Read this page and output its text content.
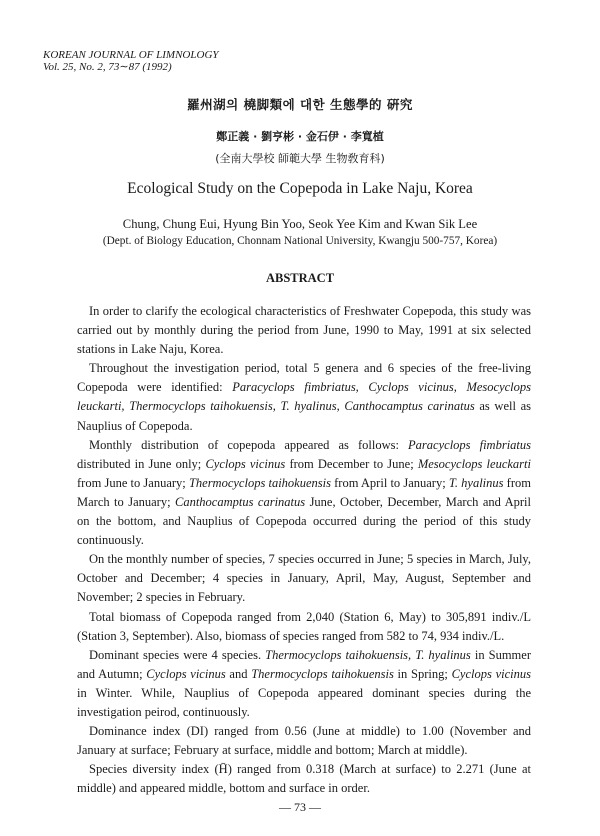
KOREAN JOURNAL OF LIMNOLOGY
Vol. 25, No. 2, 73∼87 (1992)
羅州湖의 橈脚類에 대한 生態學的 硏究
鄭正義 · 劉亨彬 · 金石伊 · 李寬植
(全南大學校 師範大學 生物敎育科)
Ecological Study on the Copepoda in Lake Naju, Korea
Chung, Chung Eui, Hyung Bin Yoo, Seok Yee Kim and Kwan Sik Lee
(Dept. of Biology Education, Chonnam National University, Kwangju 500-757, Korea)
ABSTRACT

In order to clarify the ecological characteristics of Freshwater Copepoda, this study was carried out by monthly during the period from June, 1990 to May, 1991 at six selected stations in Lake Naju, Korea.

Throughout the investigation period, total 5 genera and 6 species of the free-living Copepoda were identified: Paracyclops fimbriatus, Cyclops vicinus, Mesocyclops leuckarti, Thermocyclops taihokuensis, T. hyalinus, Canthocamptus carinatus as well as Nauplius of Copepoda.

Monthly distribution of copepoda appeared as follows: Paracyclops fimbriatus distributed in June only; Cyclops vicinus from December to June; Mesocyclops leuckarti from June to January; Thermocyclops taihokuensis from April to January; T. hyalinus from March to January; Canthocamptus carinatus June, October, December, March and April on the bottom, and Nauplius of Copepoda occurred during the period of this study continuously.

On the monthly number of species, 7 species occurred in June; 5 species in March, July, October and December; 4 species in January, April, May, August, September and November; 2 species in February.

Total biomass of Copepoda ranged from 2,040 (Station 6, May) to 305,891 indiv./L (Station 3, September). Also, biomass of species ranged from 582 to 74, 934 indiv./L.

Dominant species were 4 species. Thermocyclops taihokuensis, T. hyalinus in Summer and Autumn; Cyclops vicinus and Thermocyclops taihokuensis in Spring; Cyclops vicinus in Winter. While, Nauplius of Copepoda appeared dominant species during the investigation peirod, continuously.

Dominance index (DI) ranged from 0.56 (June at middle) to 1.00 (November and January at surface; February at surface, middle and bottom; March at middle).

Species diversity index (H̄) ranged from 0.318 (March at surface) to 2.271 (June at middle) and appeared middle, bottom and surface in order.

— 73 —
